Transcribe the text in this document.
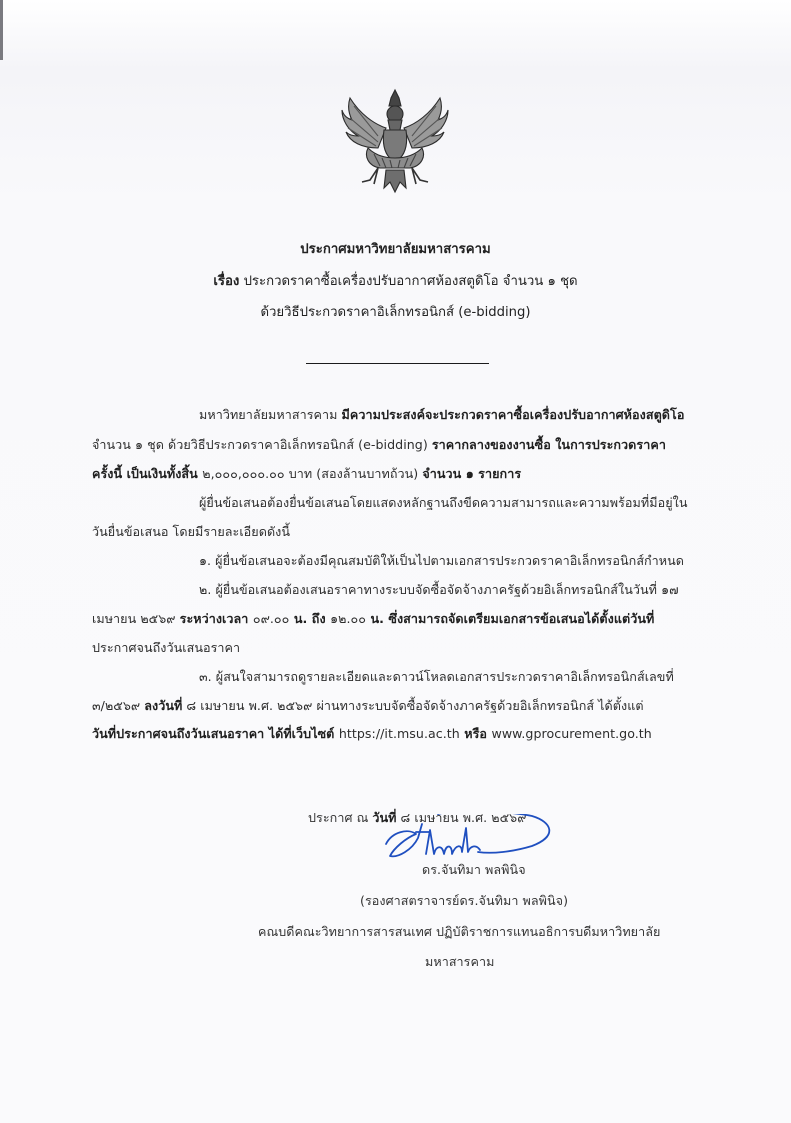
ประกาศมหาวิทยาลัยมหาสารคาม
เรื่อง ประกวดราคาซื้อเครื่องปรับอากาศห้องสตูดิโอ จำนวน ๑ ชุด
ด้วยวิธีประกวดราคาอิเล็กทรอนิกส์ (e-bidding)
มหาวิทยาลัยมหาสารคาม มีความประสงค์จะประกวดราคาซื้อเครื่องปรับอากาศห้องสตูดิโอ
จำนวน ๑ ชุด ด้วยวิธีประกวดราคาอิเล็กทรอนิกส์ (e-bidding) ราคากลางของงานซื้อ ในการประกวดราคา
ครั้งนี้ เป็นเงินทั้งสิ้น ๒,๐๐๐,๐๐๐.๐๐ บาท (สองล้านบาทถ้วน) จำนวน ๑ รายการ
ผู้ยื่นข้อเสนอต้องยื่นข้อเสนอโดยแสดงหลักฐานถึงขีดความสามารถและความพร้อมที่มีอยู่ใน
วันยื่นข้อเสนอ โดยมีรายละเอียดดังนี้
๑. ผู้ยื่นข้อเสนอจะต้องมีคุณสมบัติให้เป็นไปตามเอกสารประกวดราคาอิเล็กทรอนิกส์กำหนด
๒. ผู้ยื่นข้อเสนอต้องเสนอราคาทางระบบจัดซื้อจัดจ้างภาครัฐด้วยอิเล็กทรอนิกส์ในวันที่ ๑๗
เมษายน ๒๕๖๙ ระหว่างเวลา ๐๙.๐๐ น. ถึง ๑๒.๐๐ น. ซึ่งสามารถจัดเตรียมเอกสารข้อเสนอได้ตั้งแต่วันที่
ประกาศจนถึงวันเสนอราคา
๓. ผู้สนใจสามารถดูรายละเอียดและดาวน์โหลดเอกสารประกวดราคาอิเล็กทรอนิกส์เลขที่
๓/๒๕๖๙ ลงวันที่ ๘ เมษายน พ.ศ. ๒๕๖๙ ผ่านทางระบบจัดซื้อจัดจ้างภาครัฐด้วยอิเล็กทรอนิกส์ ได้ตั้งแต่
วันที่ประกาศจนถึงวันเสนอราคา ได้ที่เว็บไซต์ https://it.msu.ac.th หรือ www.gprocurement.go.th
ประกาศ ณ วันที่ ๘ เมษายน พ.ศ. ๒๕๖๙
ดร.จันทิมา พลพินิจ
(รองศาสตราจารย์ดร.จันทิมา พลพินิจ)
คณบดีคณะวิทยาการสารสนเทศ ปฏิบัติราชการแทนอธิการบดีมหาวิทยาลัย
มหาสารคาม
